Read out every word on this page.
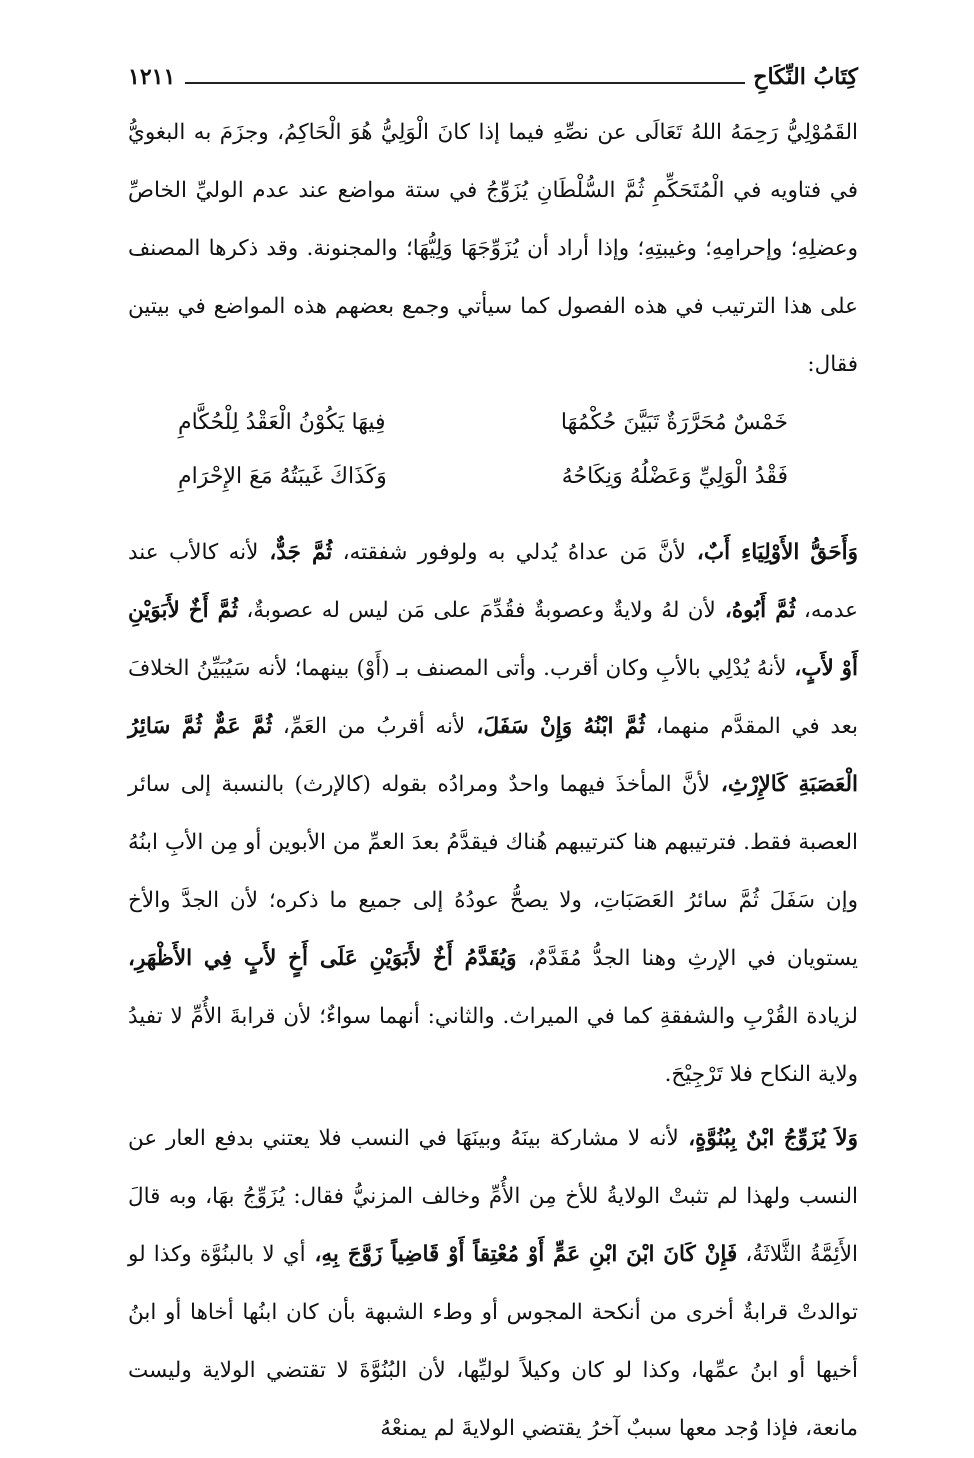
كِتَابُ النِّكَاحِ
١٢١١

القَمُوْلِيُّ رَحِمَهُ اللهُ تَعَالَى عن نصِّهِ فيما إذا كانَ الْوَلِيُّ هُوَ الْحَاكِمُ، وجزَمَ به البغويُّ في فتاويه في الْمُتَحَكِّمِ ثُمَّ السُّلْطَانِ يُزَوِّجُ في ستة مواضع عند عدم الوليِّ الخاصِّ وعضلِهِ؛ وإحرامِهِ؛ وغيبتِهِ؛ وإذا أراد أن يُزَوِّجَهَا وَلِيُّهَا؛ والمجنونة. وقد ذكرها المصنف على هذا الترتيب في هذه الفصول كما سيأتي وجمع بعضهم هذه المواضع في بيتين فقال:

خَمْسٌ مُحَرَّرَةٌ تَبَيَّنَ حُكْمُهَا
فِيهَا يَكُوْنُ الْعَقْدُ لِلْحُكَّامِ
فَقْدُ الْوَلِيِّ وَعَضْلُهُ وَنِكَاحُهُ
وَكَذَاكَ غَيبَتُهُ مَعَ الإِحْرَامِ

وَأَحَقُّ الأَوْلِيَاءِ أَبٌ، لأنَّ مَن عداهُ يُدلي به ولوفور شفقته، ثُمَّ جَدٌّ، لأنه كالأب عند عدمه، ثُمَّ أَبُوهُ، لأن لهُ ولايةٌ وعصوبةٌ فقُدِّمَ على مَن ليس له عصوبةٌ، ثُمَّ أَخٌ لأَبَوَيْنِ أَوْ لأَبٍ، لأنهُ يُدْلِي بالأبِ وكان أقرب. وأتى المصنف بـ (أَوْ) بينهما؛ لأنه سَيُبَيِّنُ الخلافَ بعد في المقدَّم منهما، ثُمَّ ابْنُهُ وَإِنْ سَفَلَ، لأنه أقربُ من العَمِّ، ثُمَّ عَمٌّ ثُمَّ سَائِرُ الْعَصَبَةِ كَالإِرْثِ، لأنَّ المأخذَ فيهما واحدٌ ومرادُه بقوله (كالإرث) بالنسبة إلى سائر العصبة فقط. فترتيبهم هنا كترتيبهم هُناك فيقدَّمُ بعدَ العمِّ من الأبوين أو مِن الأبِ ابنُهُ وإن سَفَلَ ثُمَّ سائرُ العَصَبَاتِ، ولا يصحُّ عودُهُ إلى جميع ما ذكره؛ لأن الجدَّ والأخ يستويان في الإرثِ وهنا الجدُّ مُقَدَّمٌ، وَيُقَدَّمُ أَخٌ لأَبَوَيْنِ عَلَى أَخٍ لأَبٍ فِي الأَظْهَرِ، لزيادة القُرْبِ والشفقةِ كما في الميراث. والثاني: أنهما سواءٌ؛ لأن قرابةَ الأُمِّ لا تفيدُ ولاية النكاح فلا تَرْجِيْحَ.

وَلاَ يُزَوِّجُ ابْنٌ بِبُنُوَّةٍ، لأنه لا مشاركة بينَهُ وبينَهَا في النسب فلا يعتني بدفع العار عن النسب ولهذا لم تثبتْ الولايةُ للأخ مِن الأُمِّ وخالف المزنيُّ فقال: يُزَوِّجُ بهَا، وبه قالَ الأَئِمَّةُ الثَّلاثَةُ، فَإِنْ كَانَ ابْنَ ابْنِ عَمٍّ أَوْ مُعْتِقاً أَوْ قَاضِياً زَوَّجَ بِهِ، أي لا بالبنُوَّة وكذا لو توالدتْ قرابةٌ أخرى من أنكحة المجوس أو وطء الشبهة بأن كان ابنُها أخاها أو ابنُ أخيها أو ابنُ عمِّها، وكذا لو كان وكيلاً لوليِّها، لأن البُنُوَّةَ لا تقتضي الولاية وليست مانعة، فإذا وُجد معها سببٌ آخرُ يقتضي الولايةَ لم يمنعْهُ
